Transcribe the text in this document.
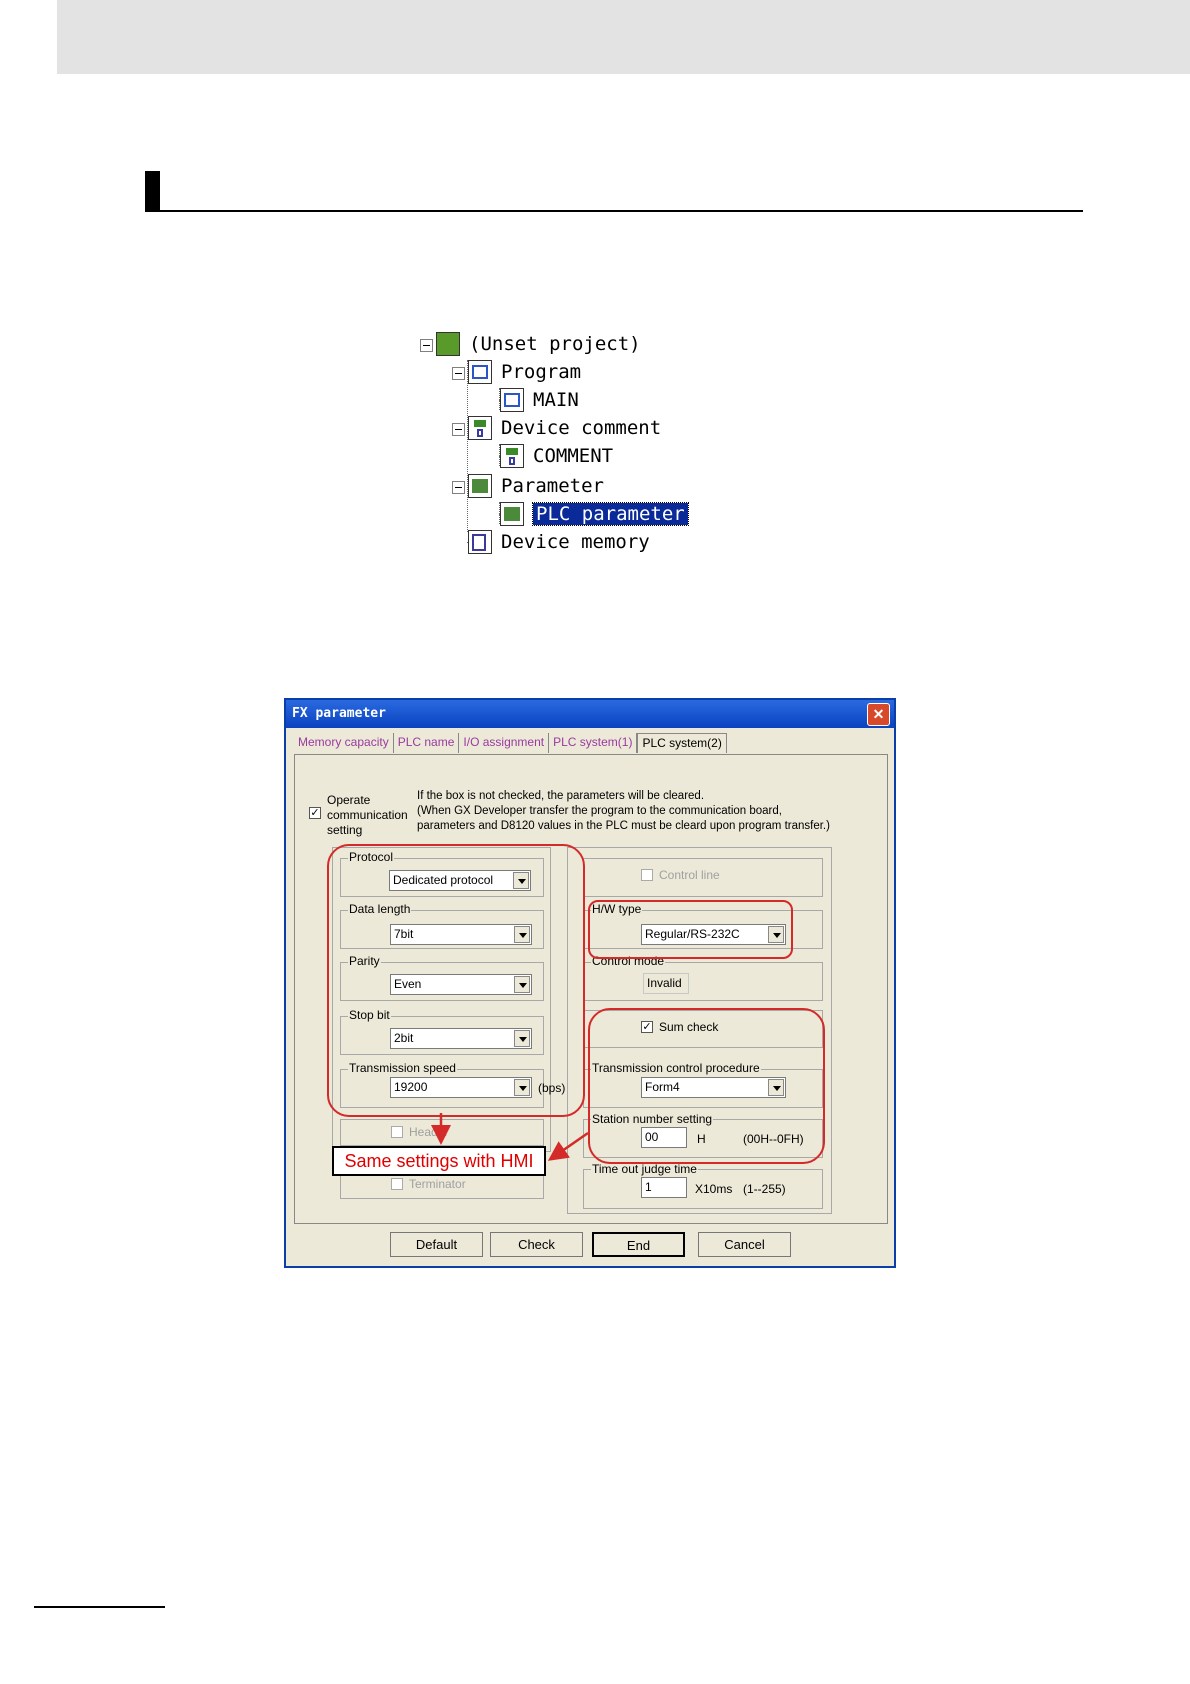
(Unset project)
Program
MAIN
Device comment
COMMENT
Parameter
PLC parameter
Device memory
FX parameter	✕
Memory capacity PLC name I/O assignment PLC system(1) PLC system(2)
✓
Operate
communication
setting
If the box is not checked, the parameters will be cleared.
(When GX Developer transfer the program to the communication board,
parameters and D8120 values in the PLC must be cleard upon program transfer.)
Protocol
Dedicated protocol
Data length
7bit
Parity
Even
Stop bit
2bit
Transmission speed
19200	(bps)
Header
Terminator
Control line
H/W type
Regular/RS-232C
Control mode
Invalid
✓ Sum check
Transmission control procedure
Form4
Station number setting
00	H	(00H--0FH)
Time out judge time
1	X10ms (1--255)
Default	Check	End	Cancel
Same settings with HMI
